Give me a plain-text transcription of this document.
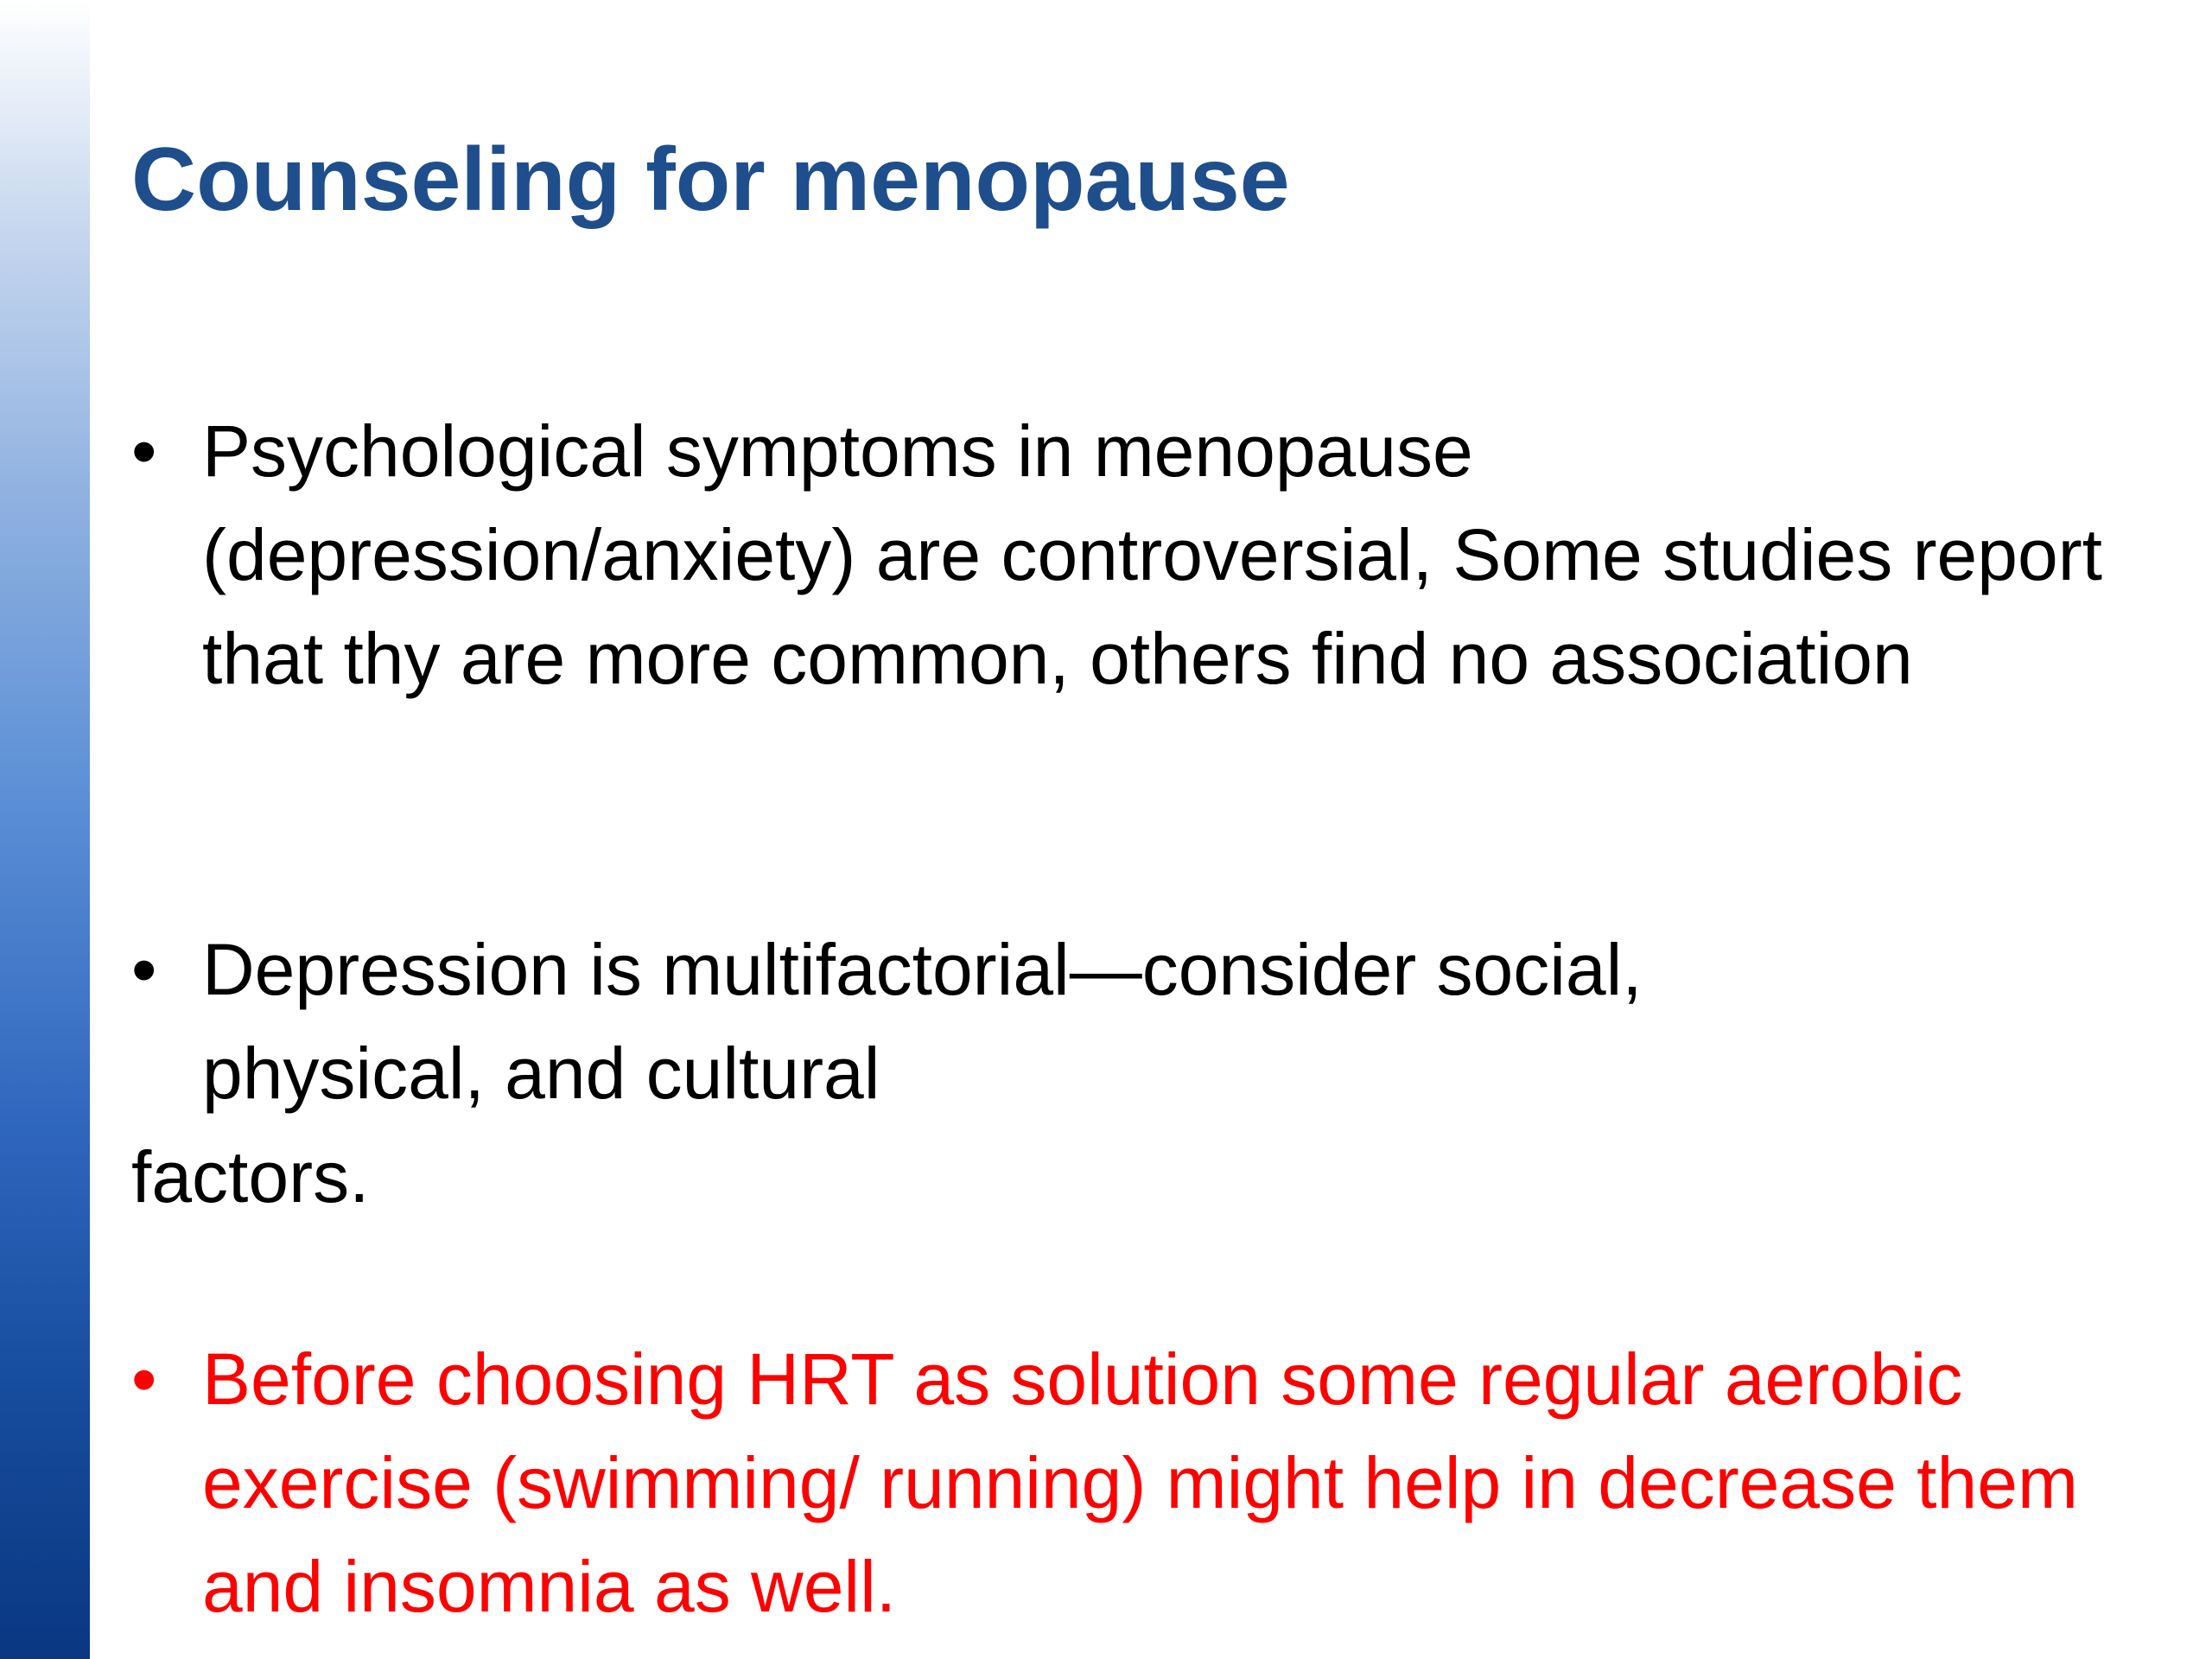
Counseling for menopause
• Psychological symptoms in menopause (depression/anxiety) are controversial, Some studies report that thy are more common, others find no association
• Depression is multifactorial—consider social, physical, and cultural
factors.
• Before choosing HRT as solution some regular aerobic exercise (swimming/ running) might help in decrease them and insomnia as well.
